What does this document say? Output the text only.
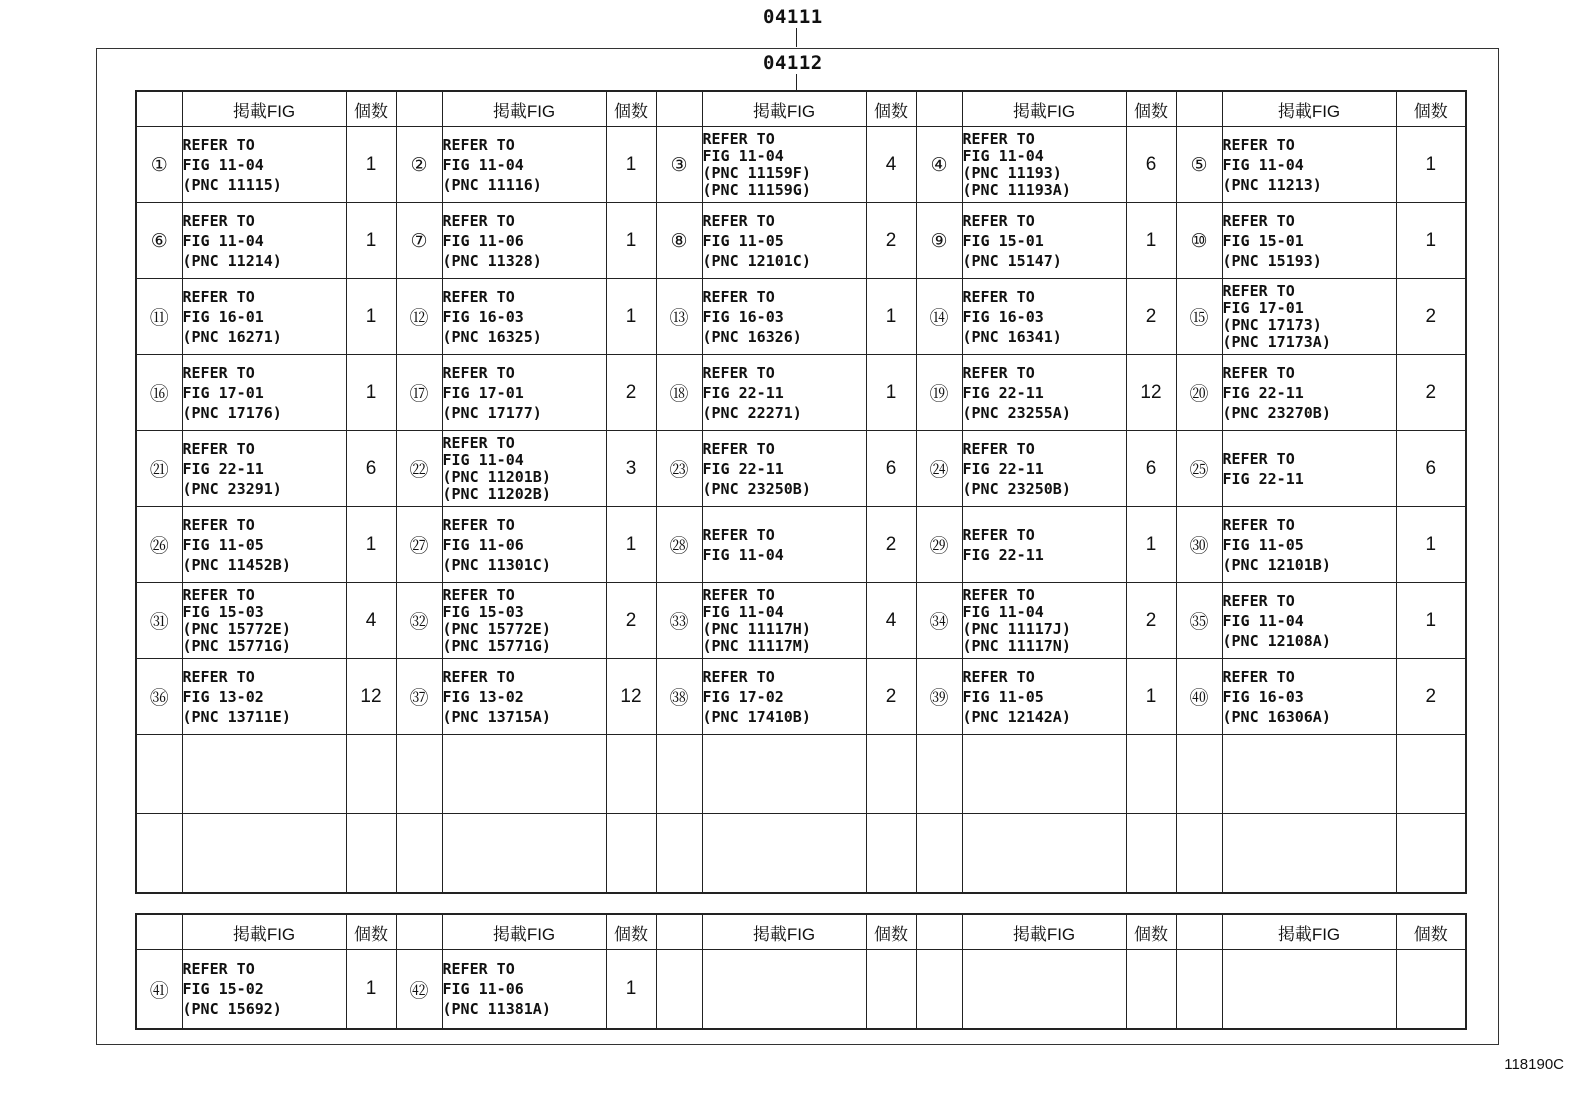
04111
04112
	掲載FIG	個数		掲載FIG	個数		掲載FIG	個数		掲載FIG	個数		掲載FIG	個数
①	REFER TO
FIG 11-04
(PNC 11115)	1	②	REFER TO
FIG 11-04
(PNC 11116)	1	③	REFER TO
FIG 11-04
(PNC 11159F)
(PNC 11159G)	4	④	REFER TO
FIG 11-04
(PNC 11193)
(PNC 11193A)	6	⑤	REFER TO
FIG 11-04
(PNC 11213)	1
⑥	REFER TO
FIG 11-04
(PNC 11214)	1	⑦	REFER TO
FIG 11-06
(PNC 11328)	1	⑧	REFER TO
FIG 11-05
(PNC 12101C)	2	⑨	REFER TO
FIG 15-01
(PNC 15147)	1	⑩	REFER TO
FIG 15-01
(PNC 15193)	1
⑪	REFER TO
FIG 16-01
(PNC 16271)	1	⑫	REFER TO
FIG 16-03
(PNC 16325)	1	⑬	REFER TO
FIG 16-03
(PNC 16326)	1	⑭	REFER TO
FIG 16-03
(PNC 16341)	2	⑮	REFER TO
FIG 17-01
(PNC 17173)
(PNC 17173A)	2
⑯	REFER TO
FIG 17-01
(PNC 17176)	1	⑰	REFER TO
FIG 17-01
(PNC 17177)	2	⑱	REFER TO
FIG 22-11
(PNC 22271)	1	⑲	REFER TO
FIG 22-11
(PNC 23255A)	12	⑳	REFER TO
FIG 22-11
(PNC 23270B)	2
㉑	REFER TO
FIG 22-11
(PNC 23291)	6	㉒	REFER TO
FIG 11-04
(PNC 11201B)
(PNC 11202B)	3	㉓	REFER TO
FIG 22-11
(PNC 23250B)	6	㉔	REFER TO
FIG 22-11
(PNC 23250B)	6	㉕	REFER TO
FIG 22-11	6
㉖	REFER TO
FIG 11-05
(PNC 11452B)	1	㉗	REFER TO
FIG 11-06
(PNC 11301C)	1	㉘	REFER TO
FIG 11-04	2	㉙	REFER TO
FIG 22-11	1	㉚	REFER TO
FIG 11-05
(PNC 12101B)	1
㉛	REFER TO
FIG 15-03
(PNC 15772E)
(PNC 15771G)	4	㉜	REFER TO
FIG 15-03
(PNC 15772E)
(PNC 15771G)	2	㉝	REFER TO
FIG 11-04
(PNC 11117H)
(PNC 11117M)	4	㉞	REFER TO
FIG 11-04
(PNC 11117J)
(PNC 11117N)	2	㉟	REFER TO
FIG 11-04
(PNC 12108A)	1
㊱	REFER TO
FIG 13-02
(PNC 13711E)	12	㊲	REFER TO
FIG 13-02
(PNC 13715A)	12	㊳	REFER TO
FIG 17-02
(PNC 17410B)	2	㊴	REFER TO
FIG 11-05
(PNC 12142A)	1	㊵	REFER TO
FIG 16-03
(PNC 16306A)	2

	掲載FIG	個数		掲載FIG	個数		掲載FIG	個数		掲載FIG	個数		掲載FIG	個数
㊶	REFER TO
FIG 15-02
(PNC 15692)	1	㊷	REFER TO
FIG 11-06
(PNC 11381A)	1									
118190C
